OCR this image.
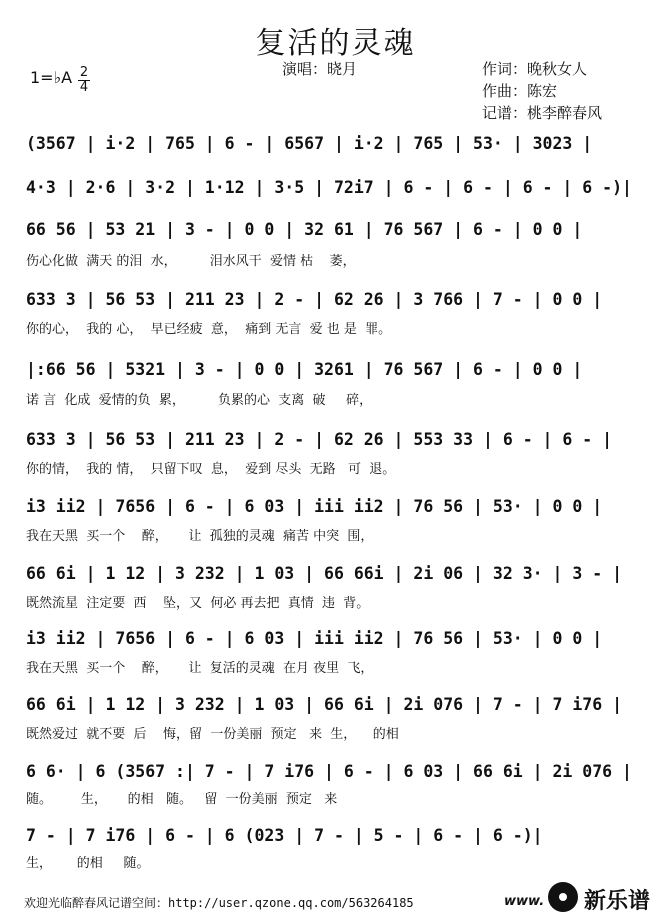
复活的灵魂
演唱：晓月	作词：晚秋女人
作曲：陈宏
记谱：桃李醉春风
1=♭A 2
4
(3567 | i·2 | 765 | 6 - | 6567 | i·2 | 765 | 53· | 3023 |
4·3 | 2·6 | 3·2 | 1·12 | 3·5 | 72i7 | 6 - | 6 - | 6 - | 6 -)|
66 56 | 53 21 | 3 - | 0 0 | 32 61 | 76 567 | 6 - | 0 0 |
伤心化做  满天 的泪  水，        泪水风干  爱情 枯    萎，
633 3 | 56 53 | 211 23 | 2 - | 62 26 | 3 766 | 7 - | 0 0 |
你的心，  我的 心，  早已经疲  意，  痛到 无言  爱 也 是  罪。
|:66 56 | 5321 | 3 - | 0 0 | 3261 | 76 567 | 6 - | 0 0 |
诺 言  化成  爱情的负  累，        负累的心  支离  破     碎，
633 3 | 56 53 | 211 23 | 2 - | 62 26 | 553 33 | 6 - | 6 - |
你的情，  我的 情，  只留下叹  息，  爱到 尽头  无路   可  退。
i3 ii2 | 7656 | 6 - | 6 03 | iii ii2 | 76 56 | 53· | 0 0 |
我在天黑  买一个    醉，     让  孤独的灵魂  痛苦 中突  围，
66 6i | 1 12 | 3 232 | 1 03 | 66 66i | 2i 06 | 32 3· | 3 - |
既然流星  注定要  西    坠，又  何必 再去把  真情  违  背。
i3 ii2 | 7656 | 6 - | 6 03 | iii ii2 | 76 56 | 53· | 0 0 |
我在天黑  买一个    醉，     让  复活的灵魂  在月 夜里  飞，
66 6i | 1 12 | 3 232 | 1 03 | 66 6i | 2i 076 | 7 - | 7 i76 |
既然爱过  就不要  后    悔，留  一份美丽  预定   来  生，    的相
6 6· | 6 (3567 :| 7 - | 7 i76 | 6 - | 6 03 | 66 6i | 2i 076 |
随。       生，     的相   随。   留  一份美丽  预定   来
7 - | 7 i76 | 6 - | 6 (023 | 7 - | 5 - | 6 - | 6 -)|
生，      的相     随。
欢迎光临醉春风记谱空间：http://user.qzone.qq.com/563264185	www. 新乐谱
